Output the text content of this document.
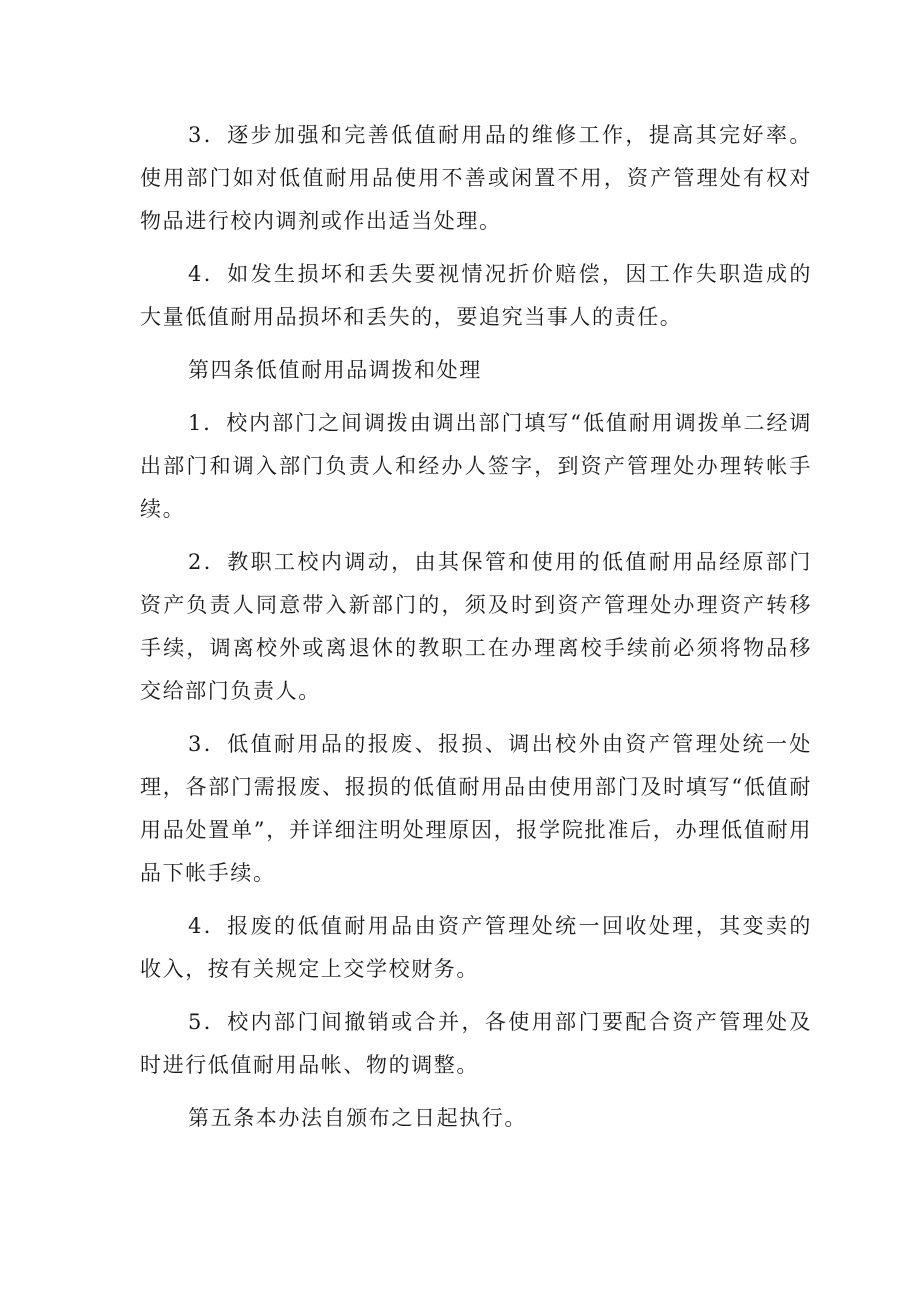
3．逐步加强和完善低值耐用品的维修工作，提高其完好率。使用部门如对低值耐用品使用不善或闲置不用，资产管理处有权对物品进行校内调剂或作出适当处理。

4．如发生损坏和丢失要视情况折价赔偿，因工作失职造成的大量低值耐用品损坏和丢失的，要追究当事人的责任。

第四条低值耐用品调拨和处理

1．校内部门之间调拨由调出部门填写“低值耐用调拨单二经调出部门和调入部门负责人和经办人签字，到资产管理处办理转帐手续。

2．教职工校内调动，由其保管和使用的低值耐用品经原部门资产负责人同意带入新部门的，须及时到资产管理处办理资产转移手续，调离校外或离退休的教职工在办理离校手续前必须将物品移交给部门负责人。

3．低值耐用品的报废、报损、调出校外由资产管理处统一处理，各部门需报废、报损的低值耐用品由使用部门及时填写“低值耐用品处置单”，并详细注明处理原因，报学院批准后，办理低值耐用品下帐手续。

4．报废的低值耐用品由资产管理处统一回收处理，其变卖的收入，按有关规定上交学校财务。

5．校内部门间撤销或合并，各使用部门要配合资产管理处及时进行低值耐用品帐、物的调整。

第五条本办法自颁布之日起执行。
